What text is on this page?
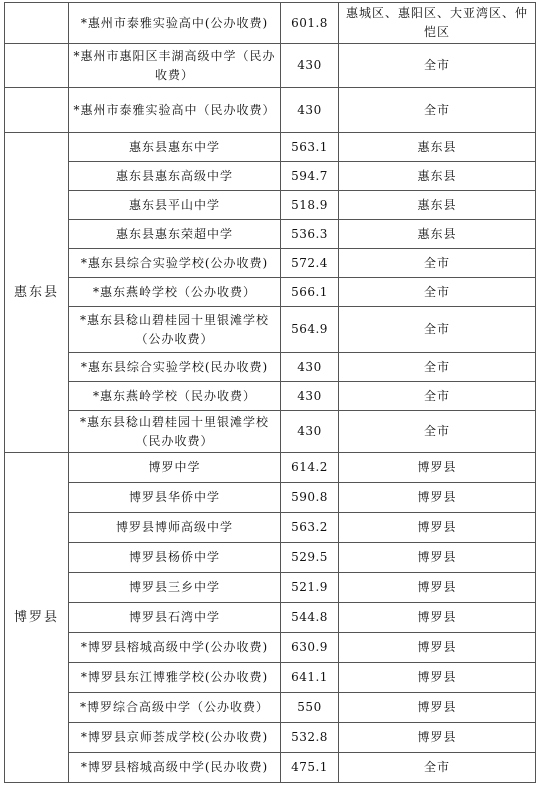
	*惠州市泰雅实验高中(公办收费)	601.8	惠城区、惠阳区、大亚湾区、仲恺区
	*惠州市惠阳区丰湖高级中学（民办收费）	430	全市
	*惠州市泰雅实验高中（民办收费）	430	全市
惠东县	惠东县惠东中学	563.1	惠东县
	惠东县惠东高级中学	594.7	惠东县
	惠东县平山中学	518.9	惠东县
	惠东县惠东荣超中学	536.3	惠东县
	*惠东县综合实验学校(公办收费)	572.4	全市
	*惠东燕岭学校（公办收费）	566.1	全市
	*惠东县稔山碧桂园十里银滩学校（公办收费）	564.9	全市
	*惠东县综合实验学校(民办收费)	430	全市
	*惠东燕岭学校（民办收费）	430	全市
	*惠东县稔山碧桂园十里银滩学校（民办收费）	430	全市
博罗县	博罗中学	614.2	博罗县
	博罗县华侨中学	590.8	博罗县
	博罗县博师高级中学	563.2	博罗县
	博罗县杨侨中学	529.5	博罗县
	博罗县三乡中学	521.9	博罗县
	博罗县石湾中学	544.8	博罗县
	*博罗县榕城高级中学(公办收费)	630.9	博罗县
	*博罗县东江博雅学校(公办收费)	641.1	博罗县
	*博罗综合高级中学（公办收费）	550	博罗县
	*博罗县京师荟成学校(公办收费)	532.8	博罗县
	*博罗县榕城高级中学(民办收费)	475.1	全市
